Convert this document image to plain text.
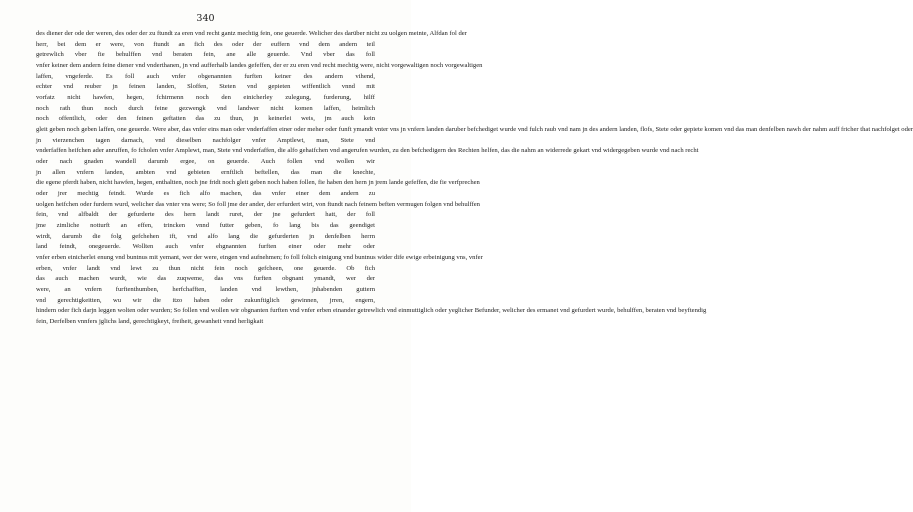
340
des diener der ode der weren, des oder der zu ftundt za eren vnd recht gantz mechtig fein, one geuerde. Welicher des darüber nicht zu uolgen meinte, Alfdan fol der
herr, bei dem er were, von ftundt an fich des oder der euffern vnd dem andern teil
getrewlich vber fie behulffen vnd beraten fein, ane alle geuerde. Vnd vber das foll
vnfer keiner dem andern feine diener vnd vnderthanen, jn vnd aufferhalb landes gefeffen, der er zu eren vnd recht mechtig were, nicht vorgewaltigen noch vorgewaltigen
laffen, vngeferde. Es foll auch vnfer obgenannten furften keiner des andern vihend,
echter vnd reuber jn feinen landen, Sloffen, Steten vnd gepieten wiffentlich vnnd mit
vorfatz nicht hawfen, hegen, fchirmenn noch den einicherley zulegung, furderung, hilff
noch rath thun noch durch feine gezwengk vnd landwer nicht komen laffen, heimlich
noch offentlich, oder den feinen geftatten das zu thun, jn keinerlei weis, jm auch kein
gleit geben noch geben laffen, one geuerde. Were aber, das vnfer eins man oder vnderfaffen einer oder meher oder funft ymandt vnter vns jn vnfern landen daruber befchediget wurde vnd fulch raub vnd nam jn des andern landen, flofs, Stete oder gepiete komen vnd das man denfelben nawh der nahm auff fricher that nachfolget oder
jn vierzenchen tagen darnach, vnd dieselben nachfolger vnfer Amptlewt, man, Stete vnd
vnderfaffen heifchen ader anruffen, fo fcholen vnfer Amplewt, man, Stete vnd vnderfaffen, die alfo gehaifchen vnd angerufen wurden, zu den befchedigern des Rechten helfen, das die nahm an widerrede gekart vnd widergegeben wurde vnd nach recht
oder nach gnaden wandell darumb ergee, on geuerde. Auch follen vnd wollen wir
jn allen vnfern landen, ambten vnd gebieten ernftlich beftellen, das man die knechte,
die egene pferdt haben, nicht hawfen, hegen, enthaltten, noch jne fridt noch gleit geben noch haben follen, fie haben den hern jn jrem lande gefeffen, die fie verfprechen
oder jrer mechtig feindt. Wurde es fich alfo machen, das vnfer einer dem andern zu
uolgen heifchen oder furdern wurd, welicher das vnter vns were; So foll jme der ander, der erfurdert wirt, von ftundt nach feinem beften vermugen folgen vnd behulffen
fein, vnd alfbaldt der gefurderte des hern landt ruret, der jne gefurdert hatt, der foll
jme zimliche notturft an effen, trincken vnnd futter geben, fo lang bis das geendiget
wirdt, darumb die folg gefchehen ift, vnd alfo lang die gefurderten jn denfelben herrn
land feindt, onegeuerde. Wollten auch vnfer ehgnannten furften einer oder mehr oder
vnfer erben einicherlei enung vnd buntnus mit yemant, wer der were, eingen vnd aufnehmen; fo foll folich einigung vnd buntnus wider dife ewige erbeinigung vns, vnfer
erben, vnfer landt vnd lewt zu thun nicht fein noch gefcheen, one geuerde. Ob fich
das auch machen wurdt, wie das zuqweme, das vns furften obgnant ymandt, wer der
were, an vnfern furftenthumben, herfchafften, landen vnd lewthen, jnhabenden guttern
vnd gerechtigkeitten, wu wir die itzo haben oder zukunftiglich gewinnen, jrren, engern,
hindern oder fich darjn leggen wolten oder wurden; So follen vnd wollen wir obgnanten furften vnd vnfer erben einander getrewlich vnd einmuttiglich oder yeglicher Befunder, welicher des ermanet vnd gefurdert wurde, behulffen, beraten vnd beyftendig
fein, Derfelben vnnfers jglichs land, gerechtigkeyt, freiheit, gewanheit vnnd herligkait
